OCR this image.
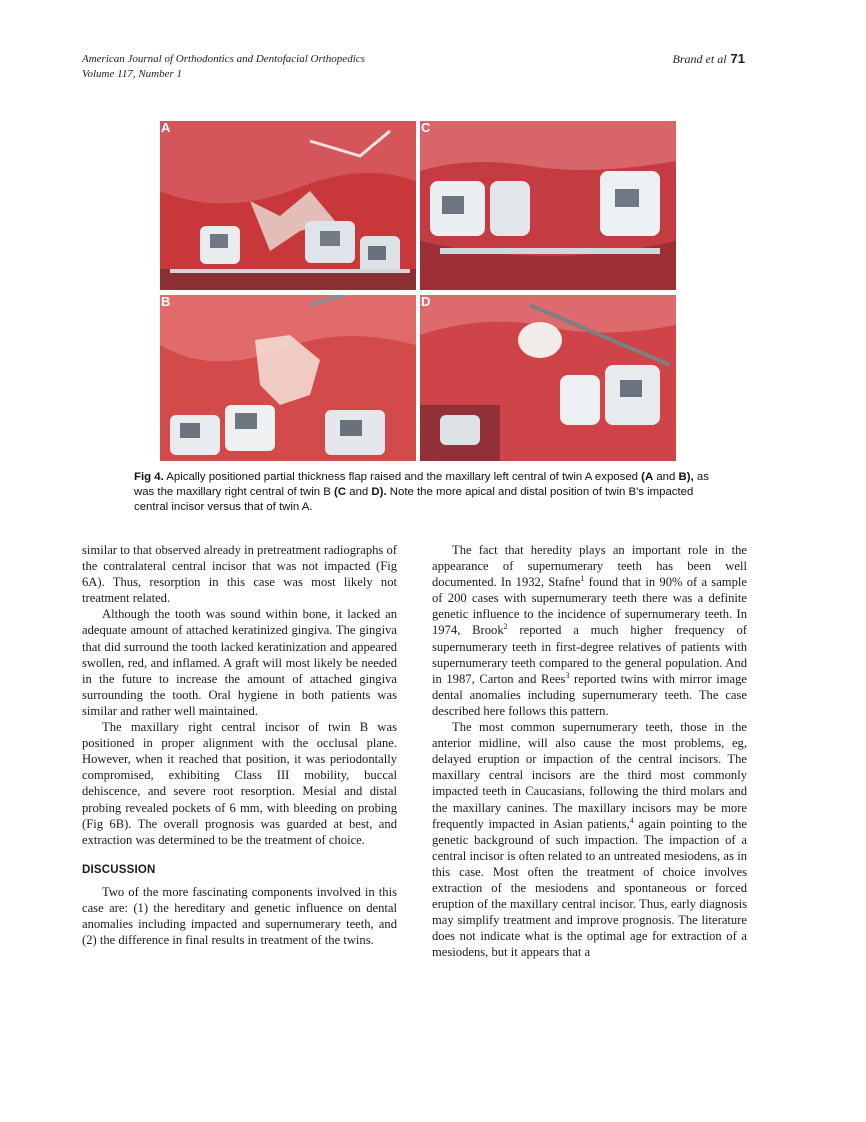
American Journal of Orthodontics and Dentofacial Orthopedics
Volume 117, Number 1
Brand et al 71
A
B
C
D
Fig 4. Apically positioned partial thickness flap raised and the maxillary left central of twin A exposed (A and B), as was the maxillary right central of twin B (C and D). Note the more apical and distal position of twin B's impacted central incisor versus that of twin A.

similar to that observed already in pretreatment radiographs of the contralateral central incisor that was not impacted (Fig 6A). Thus, resorption in this case was most likely not treatment related.

Although the tooth was sound within bone, it lacked an adequate amount of attached keratinized gingiva. The gingiva that did surround the tooth lacked keratinization and appeared swollen, red, and inflamed. A graft will most likely be needed in the future to increase the amount of attached gingiva surrounding the tooth. Oral hygiene in both patients was similar and rather well maintained.

The maxillary right central incisor of twin B was positioned in proper alignment with the occlusal plane. However, when it reached that position, it was periodontally compromised, exhibiting Class III mobility, buccal dehiscence, and severe root resorption. Mesial and distal probing revealed pockets of 6 mm, with bleeding on probing (Fig 6B). The overall prognosis was guarded at best, and extraction was determined to be the treatment of choice.

DISCUSSION

Two of the more fascinating components involved in this case are: (1) the hereditary and genetic influence on dental anomalies including impacted and supernumerary teeth, and (2) the difference in final results in treatment of the twins.

The fact that heredity plays an important role in the appearance of supernumerary teeth has been well documented. In 1932, Stafne$^1$ found that in 90% of a sample of 200 cases with supernumerary teeth there was a definite genetic influence to the incidence of supernumerary teeth. In 1974, Brook$^2$ reported a much higher frequency of supernumerary teeth in first-degree relatives of patients with supernumerary teeth compared to the general population. And in 1987, Carton and Rees$^3$ reported twins with mirror image dental anomalies including supernumerary teeth. The case described here follows this pattern.

The most common supernumerary teeth, those in the anterior midline, will also cause the most problems, eg, delayed eruption or impaction of the central incisors. The maxillary central incisors are the third most commonly impacted teeth in Caucasians, following the third molars and the maxillary canines. The maxillary incisors may be more frequently impacted in Asian patients,$^4$ again pointing to the genetic background of such impaction. The impaction of a central incisor is often related to an untreated mesiodens, as in this case. Most often the treatment of choice involves extraction of the mesiodens and spontaneous or forced eruption of the maxillary central incisor. Thus, early diagnosis may simplify treatment and improve prognosis. The literature does not indicate what is the optimal age for extraction of a mesiodens, but it appears that a
